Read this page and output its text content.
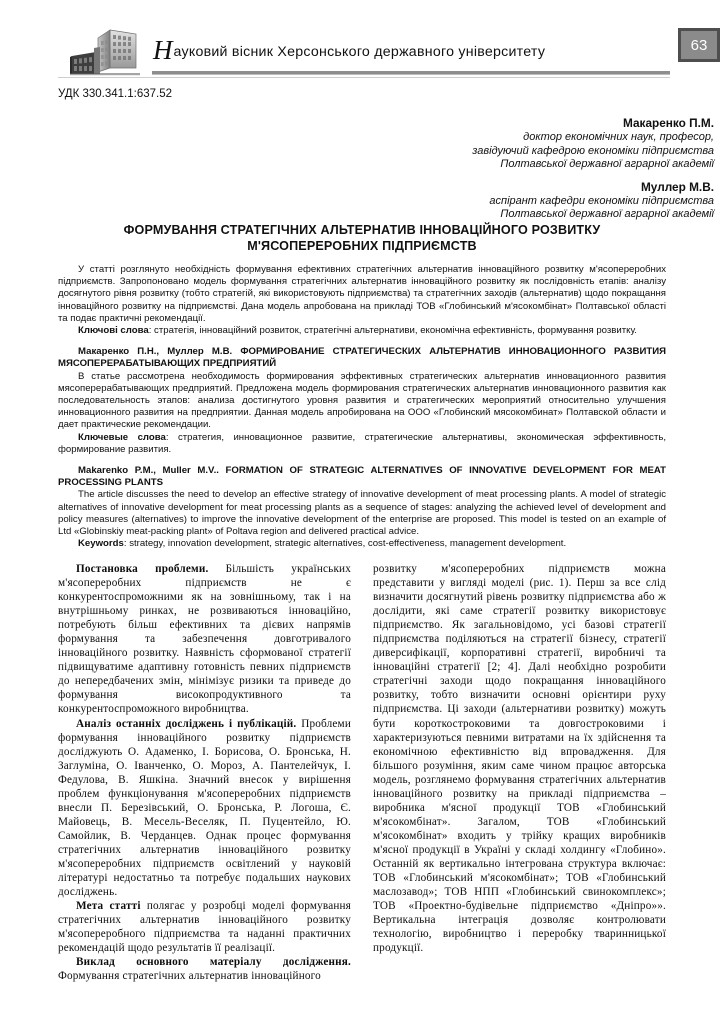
Науковий вісник Херсонського державного університету	63
УДК 330.341.1:637.52
Макаренко П.М.
доктор економічних наук, професор,
завідуючий кафедрою економіки підприємства
Полтавської державної аграрної академії
Муллер М.В.
аспірант кафедри економіки підприємства
Полтавської державної аграрної академії
ФОРМУВАННЯ СТРАТЕГІЧНИХ АЛЬТЕРНАТИВ ІННОВАЦІЙНОГО РОЗВИТКУ
М'ЯСОПЕРЕРОБНИХ ПІДПРИЄМСТВ

У статті розглянуто необхідність формування ефективних стратегічних альтернатив інноваційного розвитку м'ясопереробних підприємств. Запропоновано модель формування стратегічних альтернатив інноваційного розвитку як послідовність етапів: аналізу досягнутого рівня розвитку (тобто стратегій, які використовують підприємства) та стратегічних заходів (альтернатив) щодо покращання інноваційного розвитку на підприємстві. Дана модель апробована на прикладі ТОВ «Глобинський м'ясокомбінат» Полтавської області та подає практичні рекомендації.

Ключові слова: стратегія, інноваційний розвиток, стратегічні альтернативи, економічна ефективність, формування розвитку.

Макаренко П.Н., Муллер М.В. ФОРМИРОВАНИЕ СТРАТЕГИЧЕСКИХ АЛЬТЕРНАТИВ ИННОВАЦИОННОГО РАЗВИТИЯ МЯСОПЕРЕРАБАТЫВАЮЩИХ ПРЕДПРИЯТИЙ

В статье рассмотрена необходимость формирования эффективных стратегических альтернатив инновационного развития мясоперерабатывающих предприятий. Предложена модель формирования стратегических альтернатив инновационного развития как последовательность этапов: анализа достигнутого уровня развития и стратегических мероприятий относительно улучшения инновационного развития на предприятии. Данная модель апробирована на ООО «Глобинский мясокомбинат» Полтавской области и дает практические рекомендации.

Ключевые слова: стратегия, инновационное развитие, стратегические альтернативы, экономическая эффективность, формирование развития.

Makarenko P.M., Muller M.V.. FORMATION OF STRATEGIC ALTERNATIVES OF INNOVATIVE DEVELOPMENT FOR MEAT PROCESSING PLANTS

The article discusses the need to develop an effective strategy of innovative development of meat processing plants. A model of strategic alternatives of innovative development for meat processing plants as a sequence of stages: analyzing the achieved level of development and policy measures (alternatives) to improve the innovative development of the enterprise are proposed. This model is tested on an example of Ltd «Globinskiy meat-packing plant» of Poltava region and delivered practical advice.

Keywords: strategy, innovation development, strategic alternatives, cost-effectiveness, management development.

Постановка проблеми. Більшість українських м'ясопереробних підприємств не є конкурентоспроможними як на зовнішньому, так і на внутрішньому ринках, не розвиваються інноваційно, потребують більш ефективних та дієвих напрямів формування та забезпечення довготривалого інноваційного розвитку. Наявність сформованої стратегії підвищуватиме адаптивну готовність певних підприємств до непередбачених змін, мінімізує ризики та приведе до формування високопродуктивного та конкурентоспроможного виробництва.

Аналіз останніх досліджень і публікацій. Проблеми формування інноваційного розвитку підприємств досліджують О. Адаменко, І. Борисова, О. Бронська, Н. Заглуміна, О. Іванченко, О. Мороз, А. Пантелейчук, І. Федулова, В. Яшкіна. Значний внесок у вирішення проблем функціонування м'ясопереробних підприємств внесли П. Березівський, О. Бронська, Р. Логоша, Є. Майовець, В. Месель-Веселяк, П. Пуцентейло, Ю. Самойлик, В. Черданцев. Однак процес формування стратегічних альтернатив інноваційного розвитку м'ясопереробних підприємств освітлений у науковій літературі недостатньо та потребує подальших наукових досліджень.

Мета статті полягає у розробці моделі формування стратегічних альтернатив інноваційного розвитку м'ясопереробного підприємства та наданні практичних рекомендацій щодо результатів її реалізації.

Виклад основного матеріалу дослідження. Формування стратегічних альтернатив інноваційного

розвитку м'ясопереробних підприємств можна представити у вигляді моделі (рис. 1). Перш за все слід визначити досягнутий рівень розвитку підприємства або ж дослідити, які саме стратегії розвитку використовує підприємство. Як загальновідомо, усі базові стратегії підприємства поділяються на стратегії бізнесу, стратегії диверсифікації, корпоративні стратегії, виробничі та інноваційні стратегії [2; 4]. Далі необхідно розробити стратегічні заходи щодо покращання інноваційного розвитку, тобто визначити основні орієнтири руху підприємства. Ці заходи (альтернативи розвитку) можуть бути короткостроковими та довгостроковими і характеризуються певними витратами на їх здійснення та економічною ефективністю від впровадження. Для більшого розуміння, яким саме чином працює авторська модель, розглянемо формування стратегічних альтернатив інноваційного розвитку на прикладі підприємства – виробника м'ясної продукції ТОВ «Глобинський м'ясокомбінат». Загалом, ТОВ «Глобинський м'ясокомбінат» входить у трійку кращих виробників м'ясної продукції в Україні у складі холдингу «Глобино». Останній як вертикально інтегрована структура включає: ТОВ «Глобинський м'ясокомбінат»; ТОВ «Глобинський маслозавод»; ТОВ НПП «Глобинський свинокомплекс»; ТОВ «Проектно-будівельне підприємство «Дніпро»». Вертикальна інтеграція дозволяє контролювати технологію, виробництво і переробку тваринницької продукції.
